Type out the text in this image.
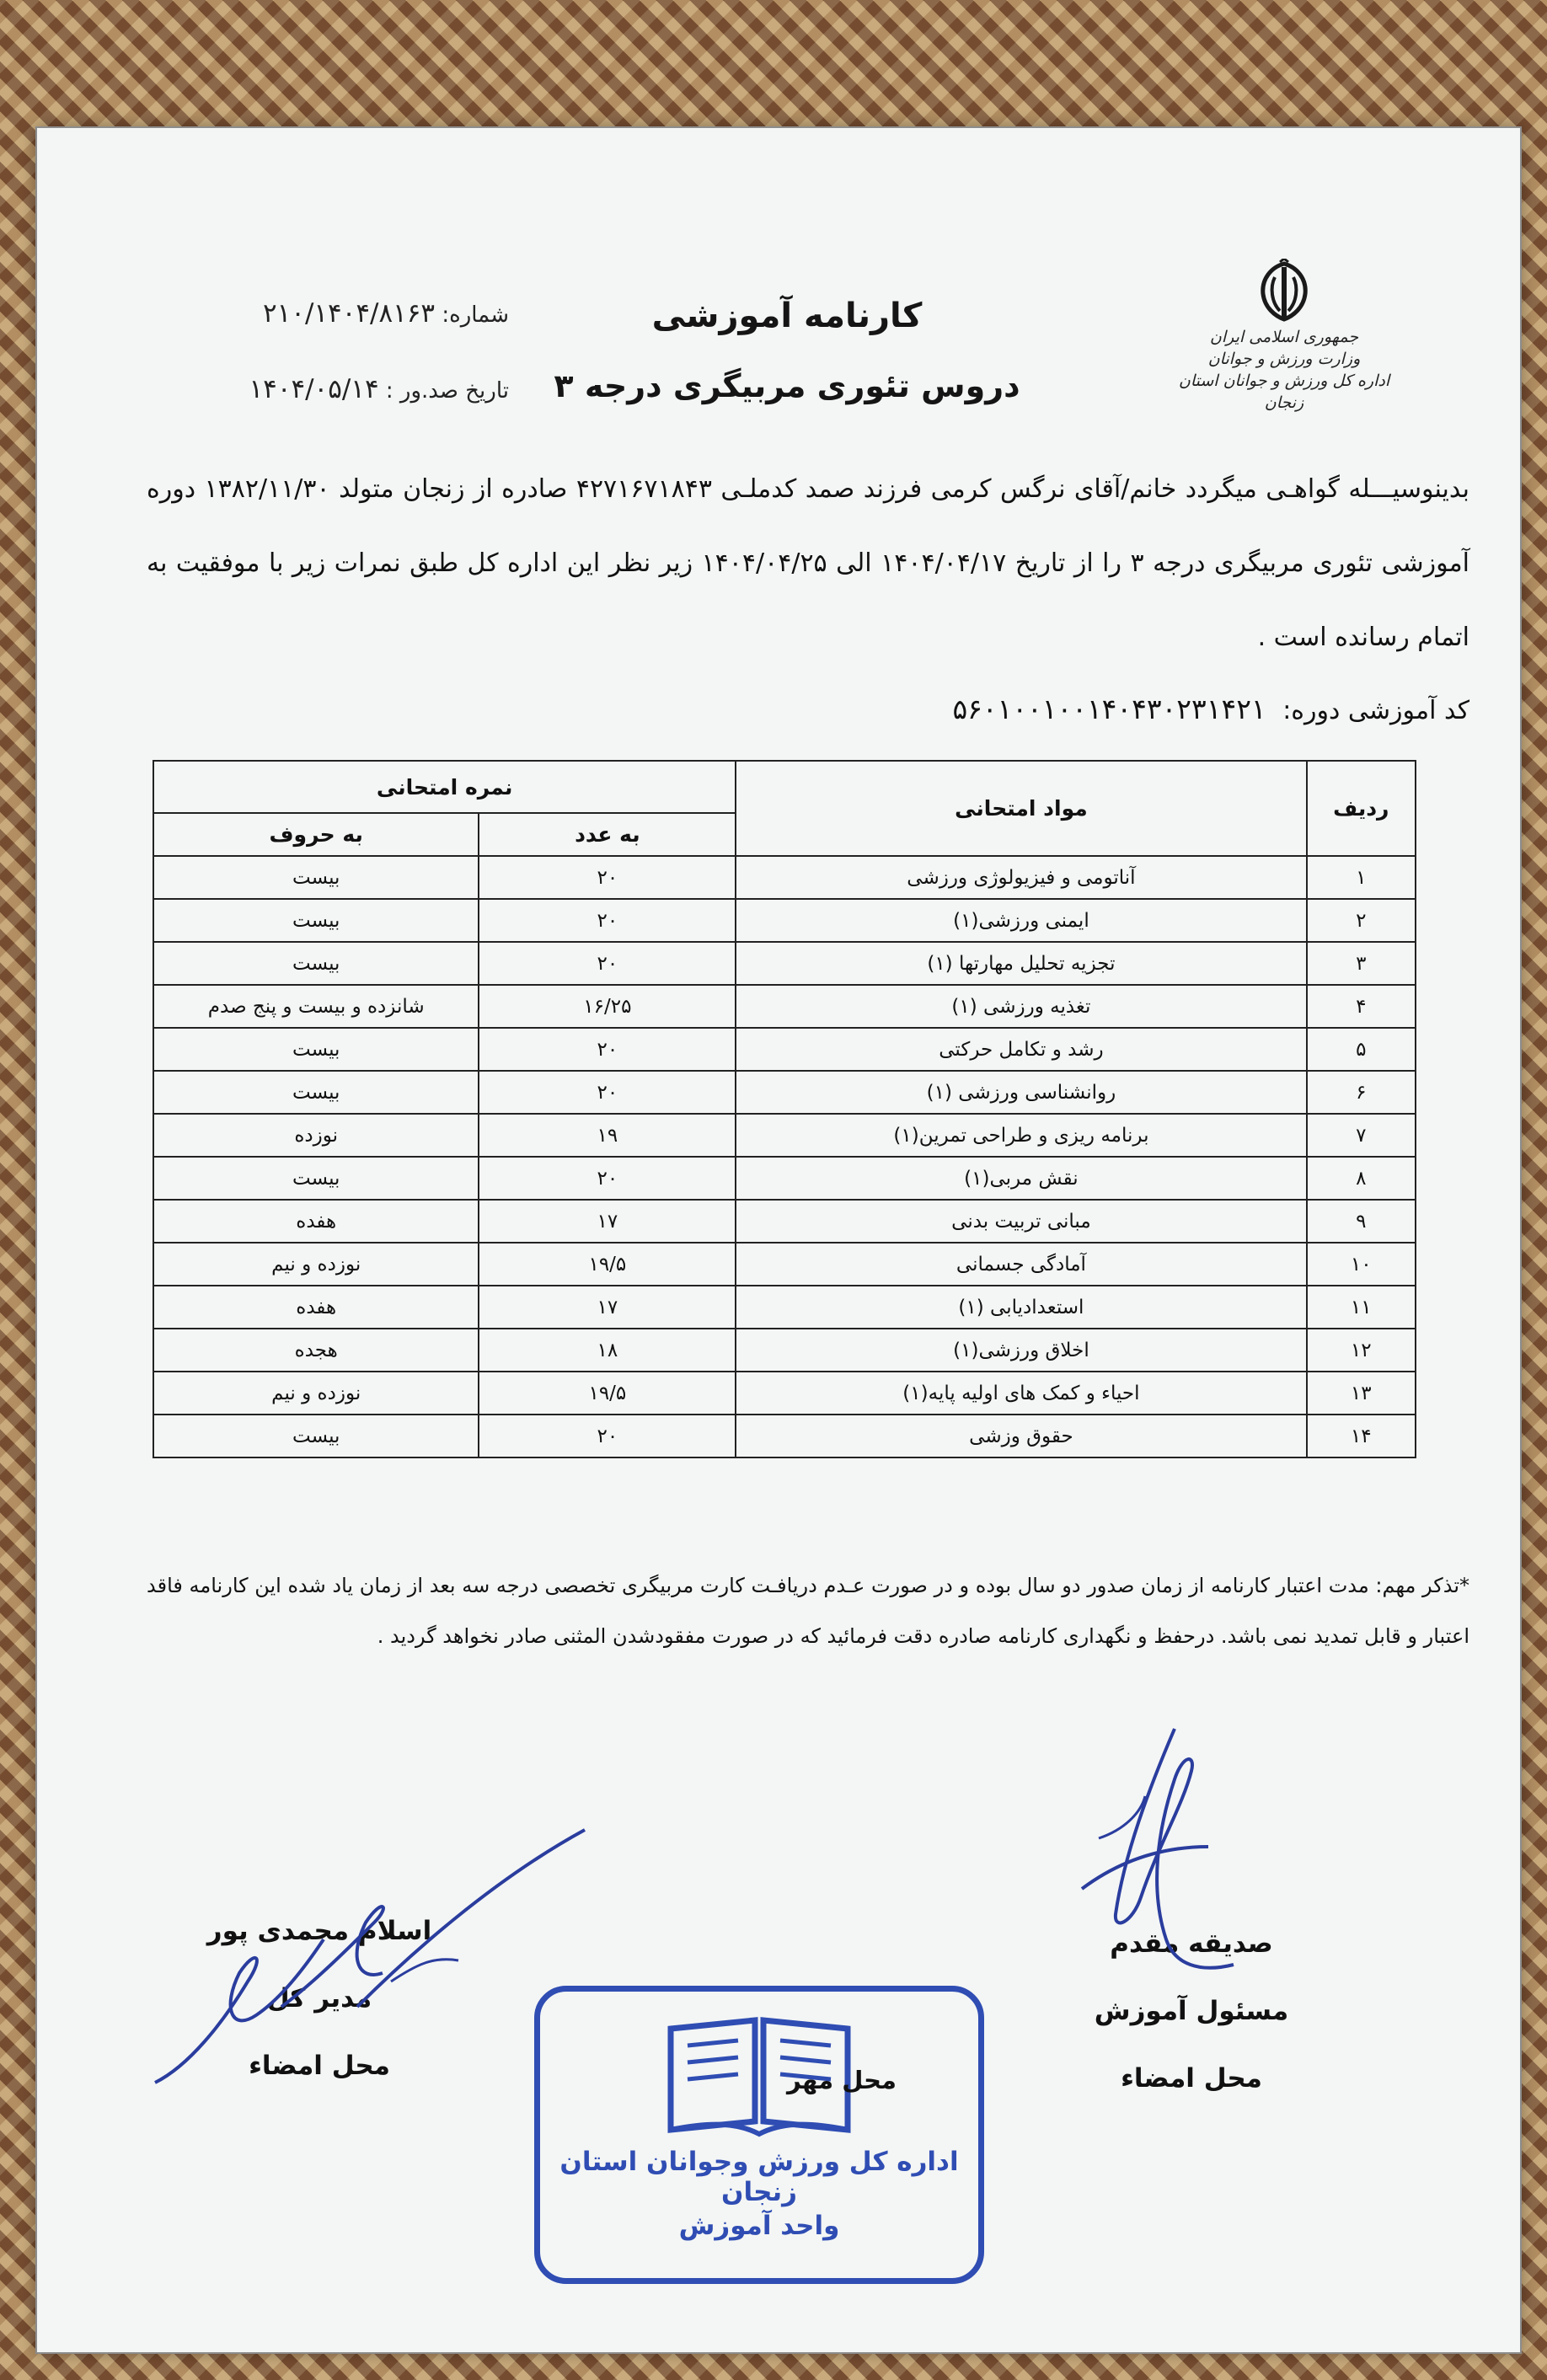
جمهوری اسلامی ایران
وزارت ورزش و جوانان
اداره کل ورزش و جوانان استان زنجان
کارنامه آموزشی
دروس تئوری مربیگری درجه ۳
شماره: ۲۱۰/۱۴۰۴/۸۱۶۳
تاریخ صد.ور : ۱۴۰۴/۰۵/۱۴
بدینوسیـــله گواهـی میگردد خانم/آقای نرگس کرمی فرزند صمد کدملـی ۴۲۷۱۶۷۱۸۴۳ صادره از زنجان متولد ۱۳۸۲/۱۱/۳۰ دوره آموزشی تئوری مربیگری درجه ۳ را از تاریخ ۱۴۰۴/۰۴/۱۷ الی ۱۴۰۴/۰۴/۲۵ زیر نظر این اداره کل طبق نمرات زیر با موفقیت به اتمام رسانده است .
کد آموزشی دوره: ۵۶۰۱۰۰۱۰۰۱۴۰۴۳۰۲۳۱۴۲۱
ردیف	مواد امتحانی	نمره امتحانی	
		به عدد	به حروف
۱	آناتومی و فیزیولوژی ورزشی	۲۰	بیست
۲	ایمنی ورزشی(۱)	۲۰	بیست
۳	تجزیه تحلیل مهارتها (۱)	۲۰	بیست
۴	تغذیه ورزشی (۱)	۱۶/۲۵	شانزده و بیست و پنج صدم
۵	رشد و تکامل حرکتی	۲۰	بیست
۶	روانشناسی ورزشی (۱)	۲۰	بیست
۷	برنامه ریزی و طراحی تمرین(۱)	۱۹	نوزده
۸	نقش مربی(۱)	۲۰	بیست
۹	مبانی تربیت بدنی	۱۷	هفده
۱۰	آمادگی جسمانی	۱۹/۵	نوزده و نیم
۱۱	استعدادیابی (۱)	۱۷	هفده
۱۲	اخلاق ورزشی(۱)	۱۸	هجده
۱۳	احیاء و کمک های اولیه پایه(۱)	۱۹/۵	نوزده و نیم
۱۴	حقوق وزشی	۲۰	بیست
*تذکر مهم: مدت اعتبار کارنامه از زمان صدور دو سال بوده و در صورت عـدم دریافـت کارت مربیگری تخصصی درجه سه بعد از زمان یاد شده این کارنامه فاقد اعتبار و قابل تمدید نمی باشد. درحفظ و نگهداری کارنامه صادره دقت فرمائید که در صورت مفقودشدن المثنی صادر نخواهد گردید .
صدیقه مقدم
مسئول آموزش
محل امضاء
اسلام محمدی پور
مدیر کل
محل امضاء
اداره کل ورزش وجوانان استان زنجان
واحد آموزش
محل مهر
